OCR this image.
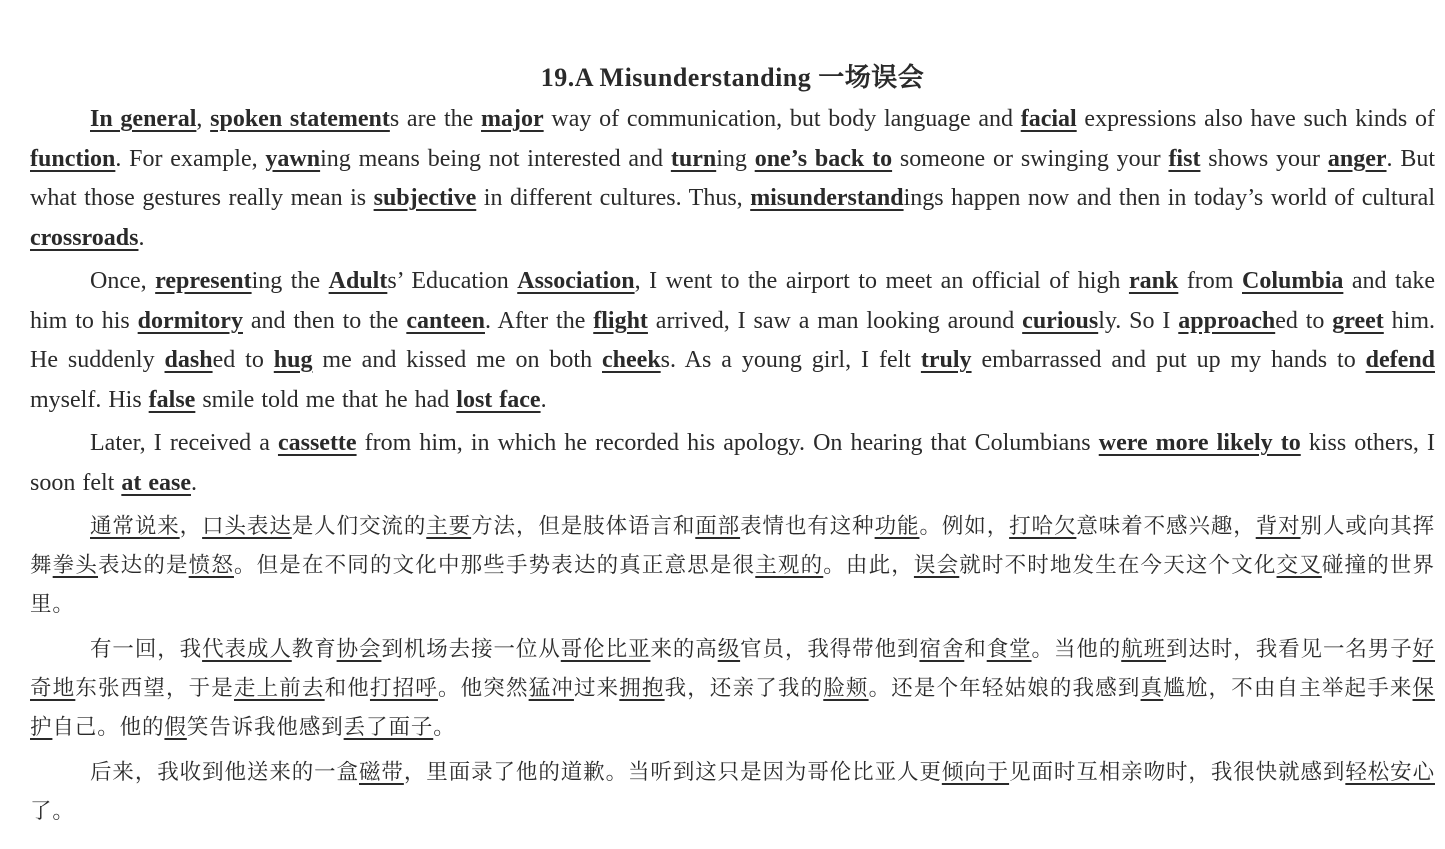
19.A Misunderstanding 一场误会

In general, spoken statements are the major way of communication, but body language and facial expressions also have such kinds of function. For example, yawning means being not interested and turning one’s back to someone or swinging your fist shows your anger. But what those gestures really mean is subjective in different cultures. Thus, misunderstandings happen now and then in today’s world of cultural crossroads.

Once, representing the Adults’ Education Association, I went to the airport to meet an official of high rank from Columbia and take him to his dormitory and then to the canteen. After the flight arrived, I saw a man looking around curiously. So I approached to greet him. He suddenly dashed to hug me and kissed me on both cheeks. As a young girl, I felt truly embarrassed and put up my hands to defend myself. His false smile told me that he had lost face.

Later, I received a cassette from him, in which he recorded his apology. On hearing that Columbians were more likely to kiss others, I soon felt at ease.

通常说来，口头表达是人们交流的主要方法，但是肢体语言和面部表情也有这种功能。例如，打哈欠意味着不感兴趣，背对别人或向其挥舞拳头表达的是愤怒。但是在不同的文化中那些手势表达的真正意思是很主观的。由此，误会就时不时地发生在今天这个文化交叉碰撞的世界里。

有一回，我代表成人教育协会到机场去接一位从哥伦比亚来的高级官员，我得带他到宿舍和食堂。当他的航班到达时，我看见一名男子好奇地东张西望，于是走上前去和他打招呼。他突然猛冲过来拥抱我，还亲了我的脸颊。还是个年轻姑娘的我感到真尴尬，不由自主举起手来保护自己。他的假笑告诉我他感到丢了面子。

后来，我收到他送来的一盒磁带，里面录了他的道歉。当听到这只是因为哥伦比亚人更倾向于见面时互相亲吻时，我很快就感到轻松安心了。
